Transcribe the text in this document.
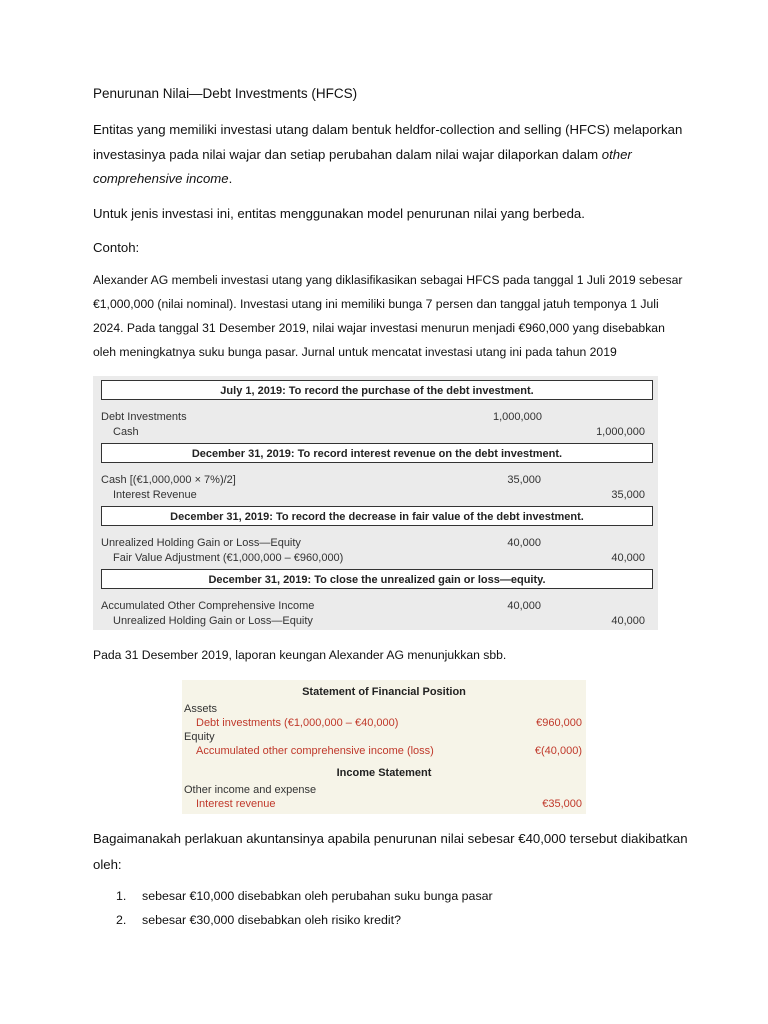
Penurunan Nilai—Debt Investments (HFCS)
Entitas yang memiliki investasi utang dalam bentuk heldfor-collection and selling (HFCS) melaporkan investasinya pada nilai wajar dan setiap perubahan dalam nilai wajar dilaporkan dalam other comprehensive income.
Untuk jenis investasi ini, entitas menggunakan model penurunan nilai yang berbeda.
Contoh:
Alexander AG membeli investasi utang yang diklasifikasikan sebagai HFCS pada tanggal 1 Juli 2019 sebesar €1,000,000 (nilai nominal). Investasi utang ini memiliki bunga 7 persen dan tanggal jatuh temponya 1 Juli 2024. Pada tanggal 31 Desember 2019, nilai wajar investasi menurun menjadi €960,000 yang disebabkan oleh meningkatnya suku bunga pasar. Jurnal untuk mencatat investasi utang ini pada tahun 2019
July 1, 2019: To record the purchase of the debt investment.
Debt Investments	1,000,000
Cash	1,000,000
December 31, 2019: To record interest revenue on the debt investment.
Cash [(€1,000,000 × 7%)/2]	35,000
Interest Revenue	35,000
December 31, 2019: To record the decrease in fair value of the debt investment.
Unrealized Holding Gain or Loss—Equity	40,000
Fair Value Adjustment (€1,000,000 – €960,000)	40,000
December 31, 2019: To close the unrealized gain or loss—equity.
Accumulated Other Comprehensive Income	40,000
Unrealized Holding Gain or Loss—Equity	40,000
Pada 31 Desember 2019, laporan keungan Alexander AG menunjukkan sbb.
Statement of Financial Position
Assets
Debt investments (€1,000,000 – €40,000)	€960,000
Equity
Accumulated other comprehensive income (loss)	€(40,000)
Income Statement
Other income and expense
Interest revenue	€35,000
Bagaimanakah perlakuan akuntansinya apabila penurunan nilai sebesar €40,000 tersebut diakibatkan oleh:
1. sebesar €10,000 disebabkan oleh perubahan suku bunga pasar
2. sebesar €30,000 disebabkan oleh risiko kredit?
